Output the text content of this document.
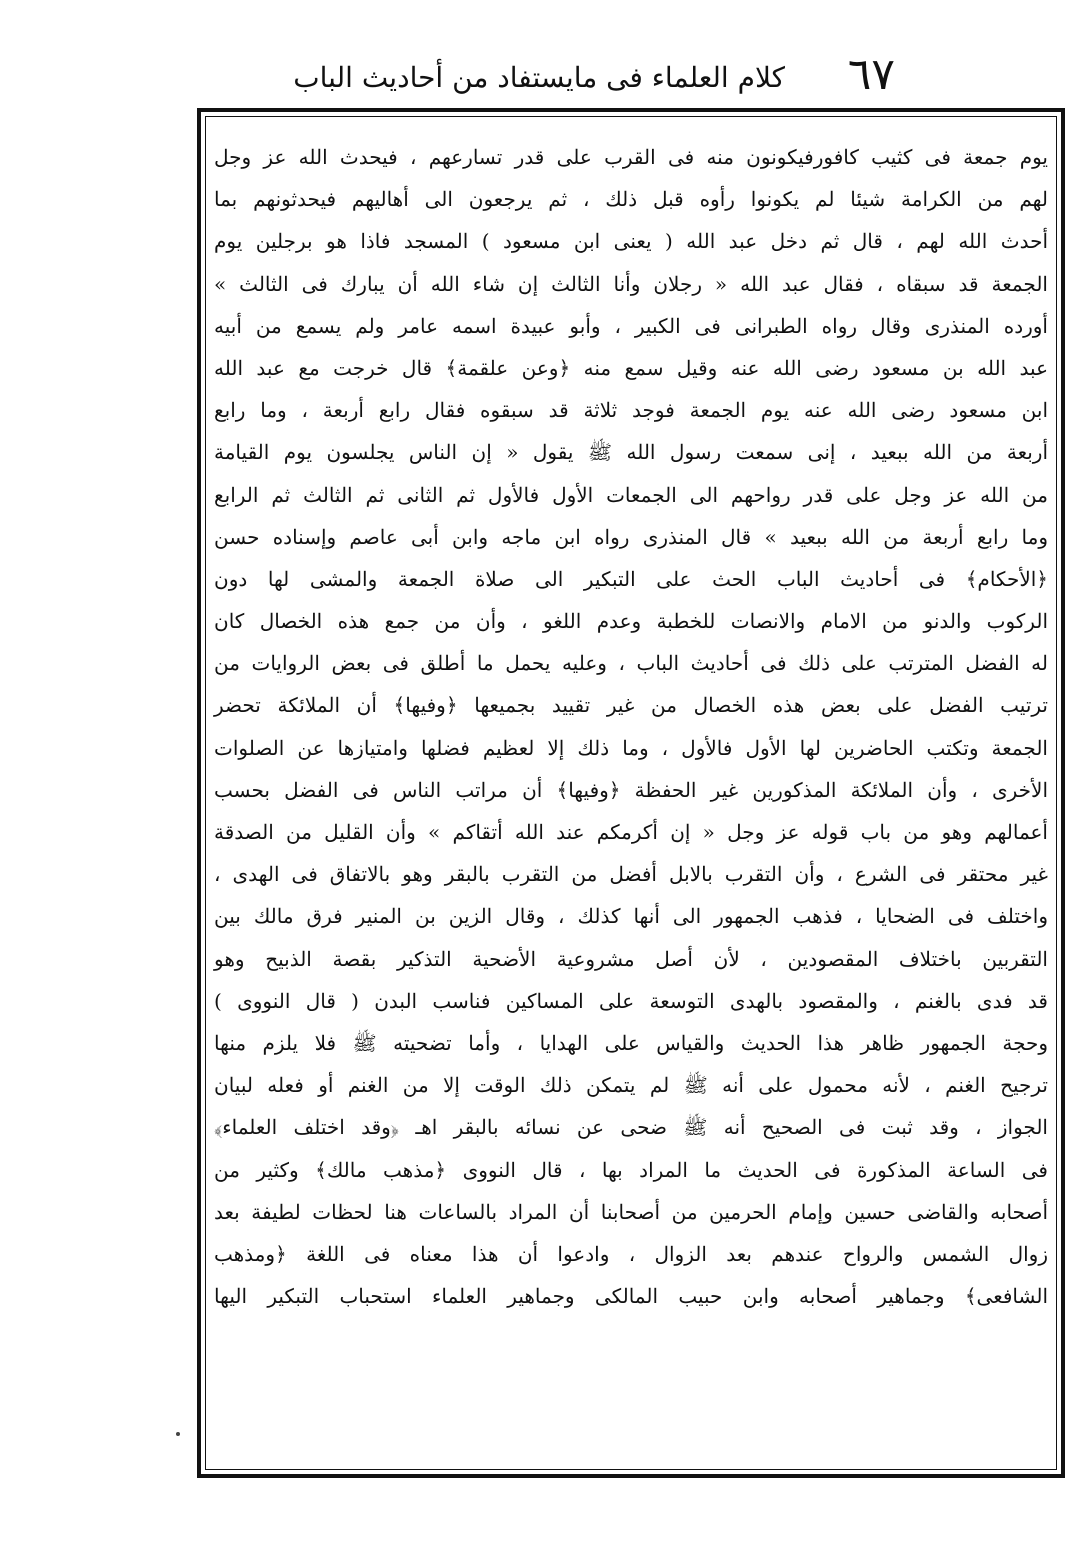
٦٧
كلام العلماء فى مايستفاد من أحاديث الباب
يوم جمعة فى كثيب كافورفيكونون منه فى القرب على قدر تسارعهم ، فيحدث الله عز وجل
لهم من الكرامة شيئا لم يكونوا رأوه قبل ذلك ، ثم يرجعون الى أهاليهم فيحدثونهم بما
أحدث الله لهم ، قال ثم دخل عبد الله ( يعنى ابن مسعود ) المسجد فاذا هو برجلين يوم
الجمعة قد سبقاه ، فقال عبد الله « رجلان وأنا الثالث إن شاء الله أن يبارك فى الثالث »
أورده المنذرى وقال رواه الطبرانى فى الكبير ، وأبو عبيدة اسمه عامر ولم يسمع من أبيه
عبد الله بن مسعود رضى الله عنه وقيل سمع منه ﴿وعن علقمة﴾ قال خرجت مع عبد الله
ابن مسعود رضى الله عنه يوم الجمعة فوجد ثلاثة قد سبقوه فقال رابع أربعة ، وما رابع
أربعة من الله ببعيد ، إنى سمعت رسول الله ﷺ يقول « إن الناس يجلسون يوم القيامة
من الله عز وجل على قدر رواحهم الى الجمعات الأول فالأول ثم الثانى ثم الثالث ثم الرابع
وما رابع أربعة من الله ببعيد » قال المنذرى رواه ابن ماجه وابن أبى عاصم وإسناده حسن
﴿الأحكام﴾ فى أحاديث الباب الحث على التبكير الى صلاة الجمعة والمشى لها دون
الركوب والدنو من الامام والانصات للخطبة وعدم اللغو ، وأن من جمع هذه الخصال كان
له الفضل المترتب على ذلك فى أحاديث الباب ، وعليه يحمل ما أطلق فى بعض الروايات من
ترتيب الفضل على بعض هذه الخصال من غير تقييد بجميعها ﴿وفيها﴾ أن الملائكة تحضر
الجمعة وتكتب الحاضرين لها الأول فالأول ، وما ذلك إلا لعظيم فضلها وامتيازها عن الصلوات
الأخرى ، وأن الملائكة المذكورين غير الحفظة ﴿وفيها﴾ أن مراتب الناس فى الفضل بحسب
أعمالهم وهو من باب قوله عز وجل « إن أكرمكم عند الله أتقاكم » وأن القليل من الصدقة
غير محتقر فى الشرع ، وأن التقرب بالابل أفضل من التقرب بالبقر وهو بالاتفاق فى الهدى ،
واختلف فى الضحايا ، فذهب الجمهور الى أنها كذلك ، وقال الزين بن المنير فرق مالك بين
التقربين باختلاف المقصودين ، لأن أصل مشروعية الأضحية التذكير بقصة الذبيح وهو
قد فدى بالغنم ، والمقصود بالهدى التوسعة على المساكين فناسب البدن ( قال النووى )
وحجة الجمهور ظاهر هذا الحديث والقياس على الهدايا ، وأما تضحيته ﷺ فلا يلزم منها
ترجيح الغنم ، لأنه محمول على أنه ﷺ لم يتمكن ذلك الوقت إلا من الغنم أو فعله لبيان
الجواز ، وقد ثبت فى الصحيح أنه ﷺ ضحى عن نسائه بالبقر اهـ ﴿وقد اختلف العلماء﴾
فى الساعة المذكورة فى الحديث ما المراد بها ، قال النووى ﴿مذهب مالك﴾ وكثير من
أصحابه والقاضى حسين وإمام الحرمين من أصحابنا أن المراد بالساعات هنا لحظات لطيفة بعد
زوال الشمس والرواح عندهم بعد الزوال ، وادعوا أن هذا معناه فى اللغة ﴿ومذهب
الشافعى﴾ وجماهير أصحابه وابن حبيب المالكى وجماهير العلماء استحباب التبكير اليها
